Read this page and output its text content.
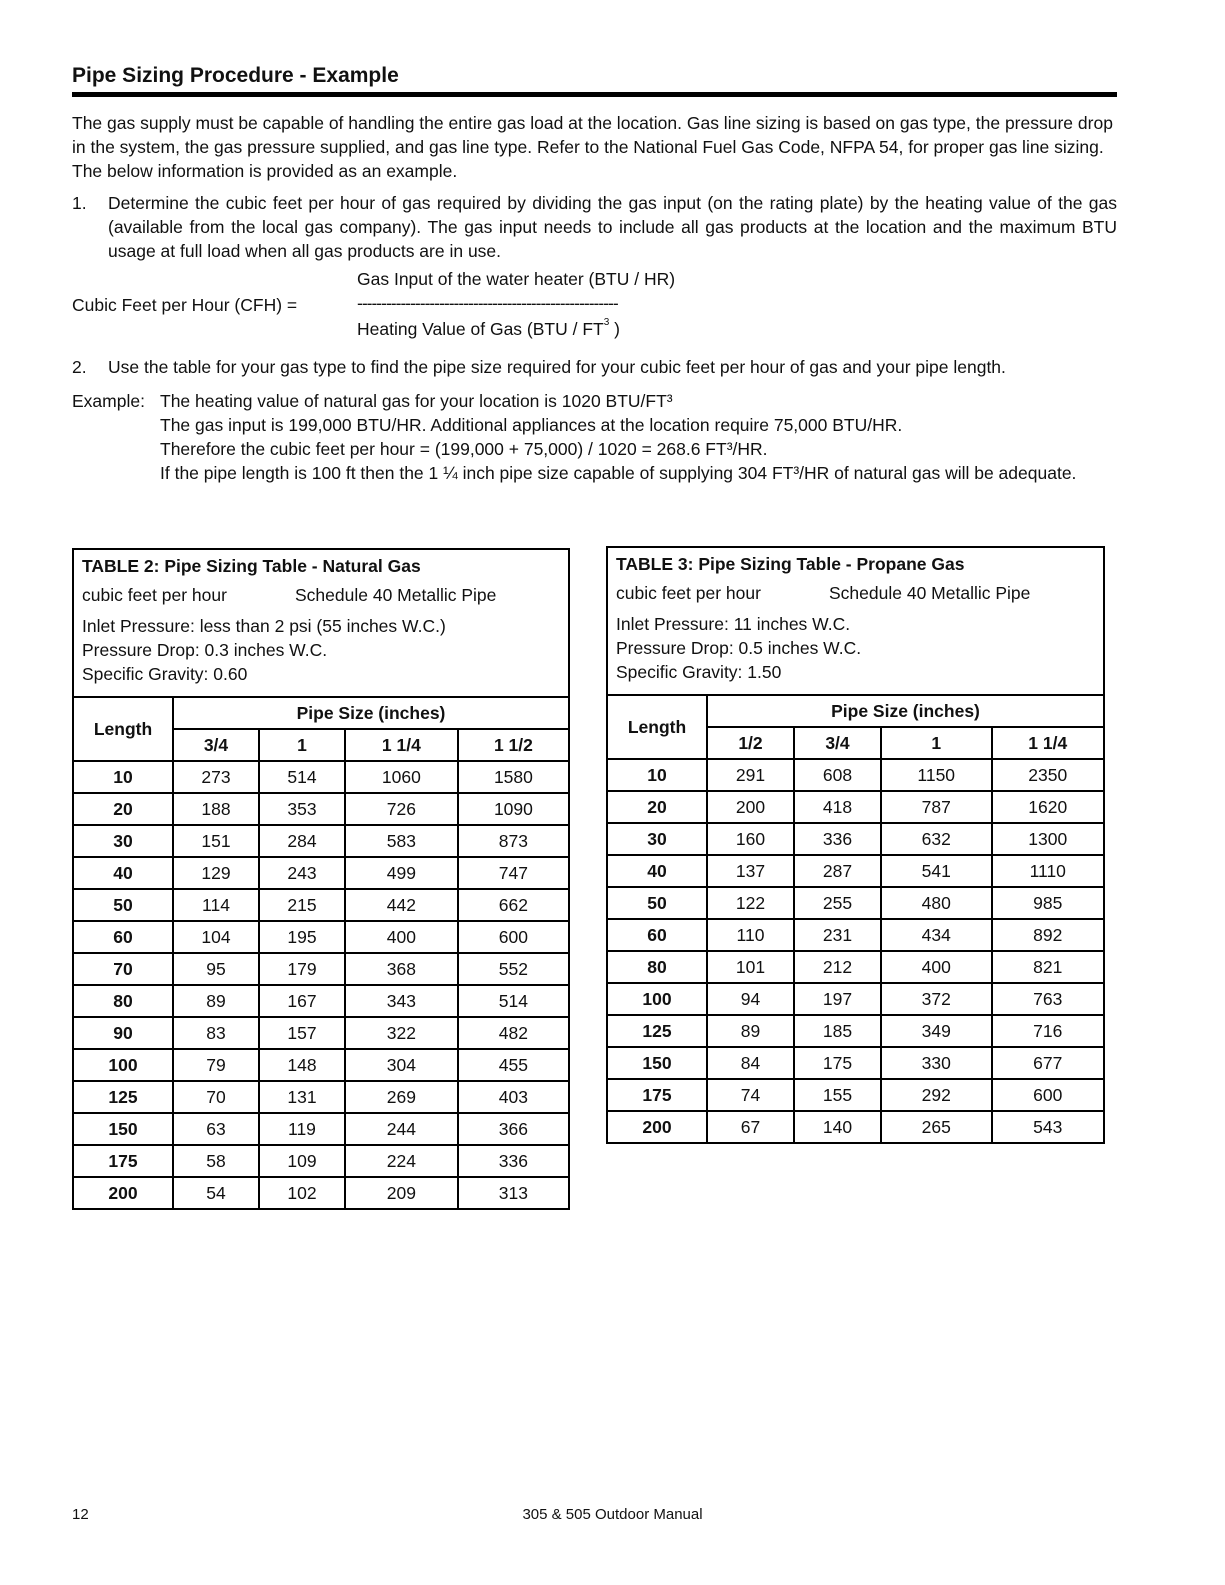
Pipe Sizing Procedure - Example

The gas supply must be capable of handling the entire gas load at the location. Gas line sizing is based on gas type, the pressure drop in the system, the gas pressure supplied, and gas line type. Refer to the National Fuel Gas Code, NFPA 54, for proper gas line sizing. The below information is provided as an example.

1.	Determine the cubic feet per hour of gas required by dividing the gas input (on the rating plate) by the heating value of the gas (available from the local gas company). The gas input needs to include all gas products at the location and the maximum BTU usage at full load when all gas products are in use.
Gas Input of the water heater (BTU / HR)
Cubic Feet per Hour (CFH) =	------------------------------------------------------
Heating Value of Gas ($BTU / FT^3$ )
2.	Use the table for your gas type to find the pipe size required for your cubic feet per hour of gas and your pipe length.
Example: The heating value of natural gas for your location is 1020 BTU/FT³
The gas input is 199,000 BTU/HR. Additional appliances at the location require 75,000 BTU/HR.
Therefore the cubic feet per hour = (199,000 + 75,000) / 1020 = 268.6 FT³/HR.
If the pipe length is 100 ft then the 1 ¼ inch pipe size capable of supplying 304 FT³/HR of natural gas will be adequate.
TABLE 2: Pipe Sizing Table - Natural Gas
cubic feet per hour	Schedule 40 Metallic Pipe
Inlet Pressure: less than 2 psi (55 inches W.C.)
Pressure Drop: 0.3 inches W.C.
Specific Gravity: 0.60
Length	Pipe Size (inches)			
	3/4	1	1 1/4	1 1/2
10	273	514	1060	1580
20	188	353	726	1090
30	151	284	583	873
40	129	243	499	747
50	114	215	442	662
60	104	195	400	600
70	95	179	368	552
80	89	167	343	514
90	83	157	322	482
100	79	148	304	455
125	70	131	269	403
150	63	119	244	366
175	58	109	224	336
200	54	102	209	313
TABLE 3: Pipe Sizing Table - Propane Gas
cubic feet per hour	Schedule 40 Metallic Pipe
Inlet Pressure: 11 inches W.C.
Pressure Drop: 0.5 inches W.C.
Specific Gravity: 1.50
Length	Pipe Size (inches)			
	1/2	3/4	1	1 1/4
10	291	608	1150	2350
20	200	418	787	1620
30	160	336	632	1300
40	137	287	541	1110
50	122	255	480	985
60	110	231	434	892
80	101	212	400	821
100	94	197	372	763
125	89	185	349	716
150	84	175	330	677
175	74	155	292	600
200	67	140	265	543
12	305 & 505 Outdoor Manual
